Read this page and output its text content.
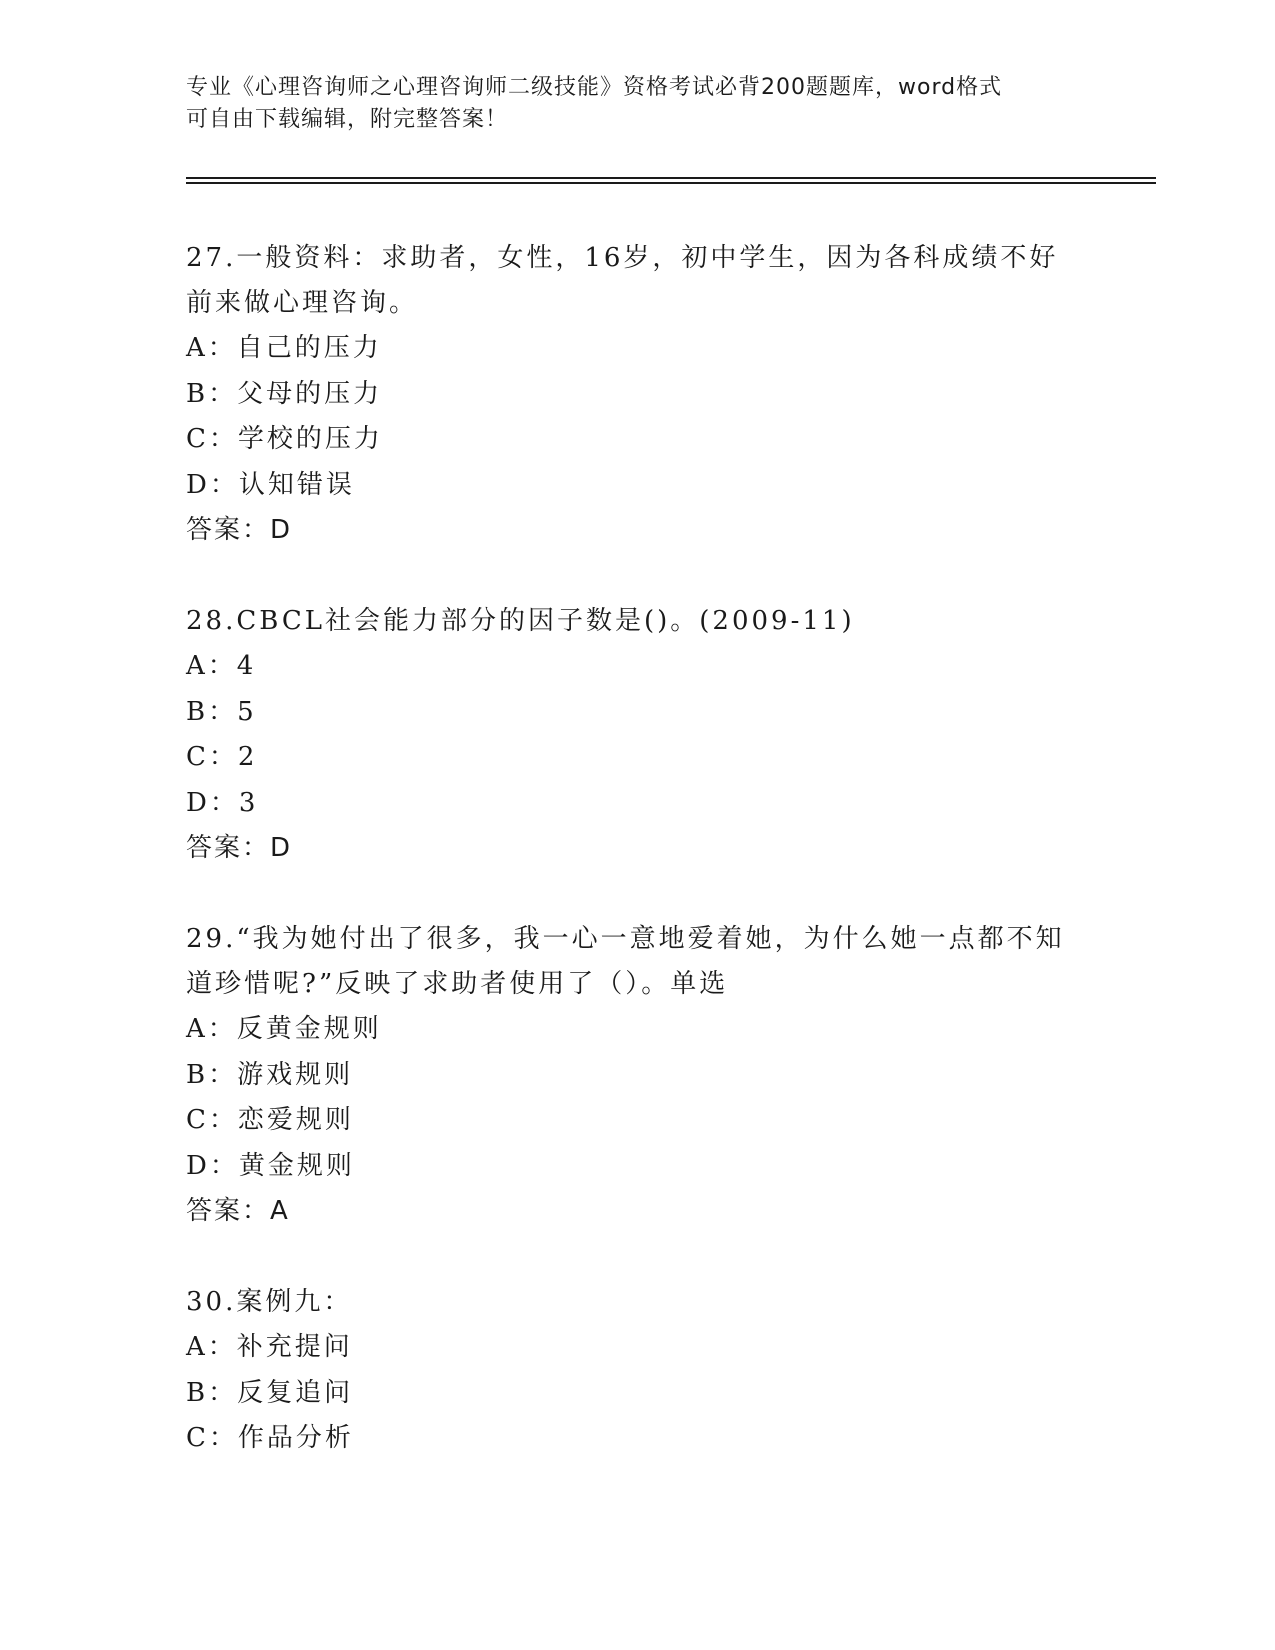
专业《心理咨询师之心理咨询师二级技能》资格考试必背200题题库，word格式
可自由下载编辑，附完整答案！
27.一般资料：求助者，女性，16岁，初中学生，因为各科成绩不好前来做心理咨询。
A：自己的压力
B：父母的压力
C：学校的压力
D：认知错误
答案：D
28.CBCL社会能力部分的因子数是()。(2009-11)
A：4
B：5
C：2
D：3
答案：D
29.“我为她付出了很多，我一心一意地爱着她，为什么她一点都不知道珍惜呢?”反映了求助者使用了（）。单选
A：反黄金规则
B：游戏规则
C：恋爱规则
D：黄金规则
答案：A
30.案例九：
A：补充提问
B：反复追问
C：作品分析
